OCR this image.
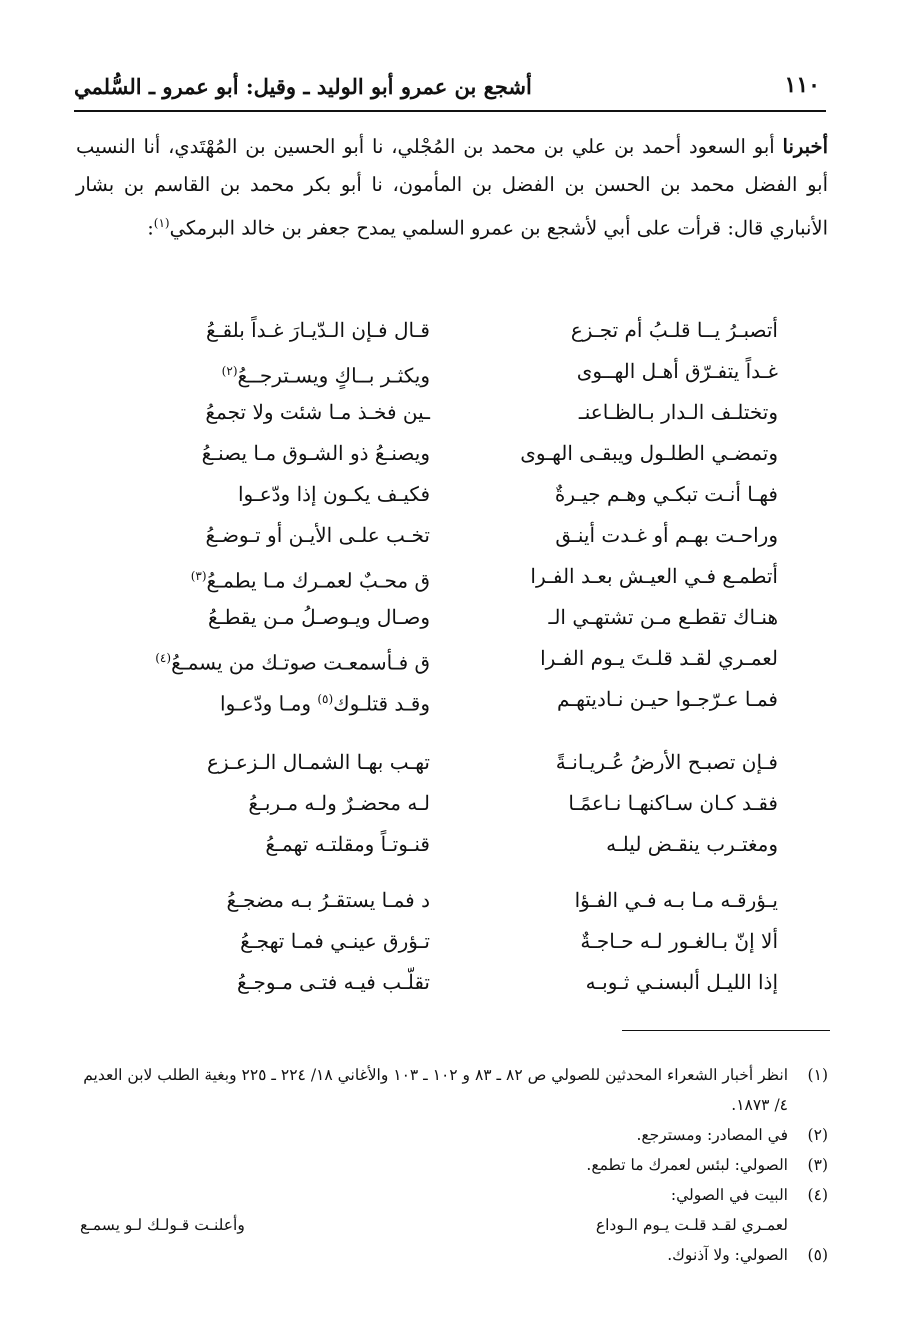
١١٠
أشجع بن عمرو أبو الوليد ـ وقيل: أبو عمرو ـ السُّلمي
أخبرنا أبو السعود أحمد بن علي بن محمد بن المُجْلي، نا أبو الحسين بن المُهْتَدي، أنا النسيب أبو الفضل محمد بن الحسن بن الفضل بن المأمون، نا أبو بكر محمد بن القاسم بن بشار الأنباري قال: قرأت على أبي لأشجع بن عمرو السلمي يمدح جعفر بن خالد البرمكي$^{(١)}$:
أتصبـرُ يــا قلـبُ أم تجـزع
قـال فـإن الـدّيـارَ غـداً بلقـعُ
غـداً يتفـرّق أهـل الهــوى
ويكثـر بــاكٍ ويسـترجــعُ$^{(٢)}$
وتختلـف الـدار بـالظـاعنـ
ـين فخـذ مـا شئت ولا تجمعُ
وتمضـي الطلـول ويبقـى الهـوى
ويصنـعُ ذو الشـوق مـا يصنـعُ
فهـا أنـت تبكـي وهـم جيـرةٌ
فكيـف يكـون إذا ودّعـوا
وراحـت بهـم أو غـدت أينـق
تخـب علـى الأيـن أو تـوضـعُ
أتطمـع فـي العيـش بعـد الفـرا
ق محـبٌ لعمـرك مـا يطمـعُ$^{(٣)}$
هنـاك تقطـع مـن تشتهـي الـ
وصـال ويـوصـلُ مـن يقطـعُ
لعمـري لقـد قلـتَ يـوم الفـرا
ق فـأسمعـت صوتـك من يسمـعُ$^{(٤)}$
فمـا عـرّجـوا حيـن نـاديتهـم
وقـد قتلـوك$^{(٥)}$ ومـا ودّعـوا
فـإن تصبـح الأرضُ عُـريـانـةً
تهـب بهـا الشمـال الـزعـزع
فقـد كـان سـاكنهـا نـاعمًـا
لـه محضـرٌ ولـه مـربـعُ
ومغتـرب ينقـض ليلـه
قنـوتـاً ومقلتـه تهمـعُ
يـؤرقـه مـا بـه فـي الفـؤا
د فمـا يستقـرُ بـه مضجـعُ
ألا إنّ بـالغـور لـه حـاجـةٌ
تـؤرق عينـي فمـا تهجـعُ
إذا الليـل ألبسنـي ثـوبـه
تقلّـب فيـه فتـى مـوجـعُ
(١)
انظر أخبار الشعراء المحدثين للصولي ص ٨٢ ـ ٨٣ و ١٠٢ ـ ١٠٣ والأغاني ١٨/ ٢٢٤ ـ ٢٢٥ وبغية الطلب لابن العديم ٤/ ١٨٧٣.
(٢)
في المصادر: ومسترجع.
(٣)
الصولي: لبئس لعمرك ما تطمع.
(٤)
البيت في الصولي:
لعمـري لقـد قلـت يـوم الـوداع
وأعلنـت قـولـك لـو يسمـع
(٥)
الصولي: ولا آذنوك.
